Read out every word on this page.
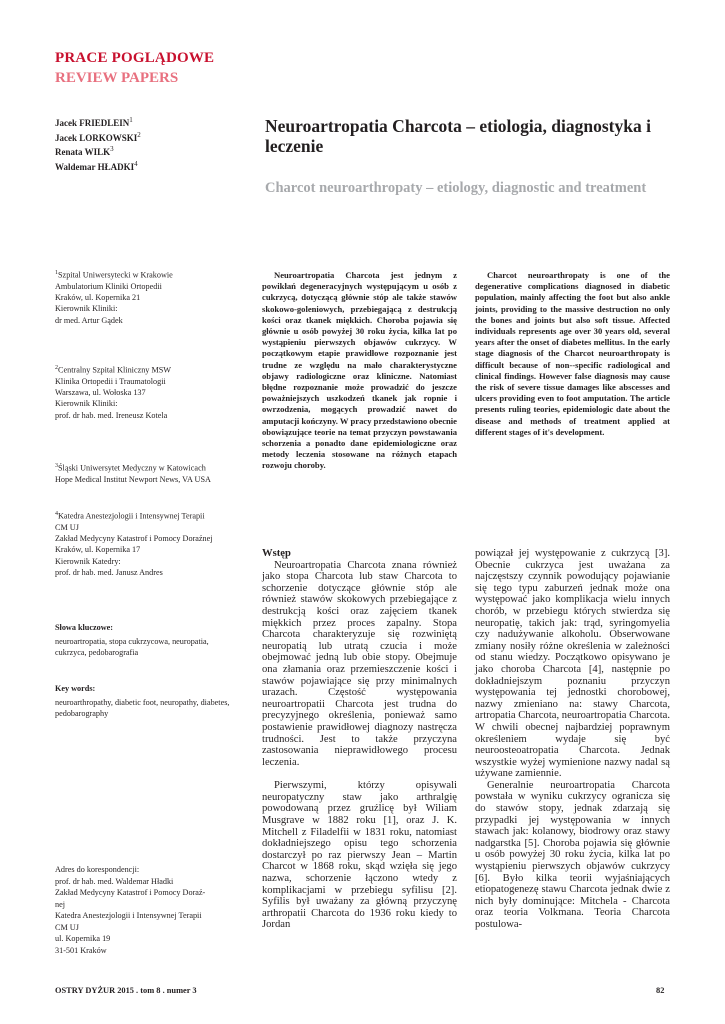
PRACE POGLĄDOWE
REVIEW PAPERS
Jacek FRIEDLEIN$^1$
Jacek LORKOWSKI$^2$
Renata WILK$^3$
Waldemar HŁADKI$^4$
Neuroartropatia Charcota – etiologia, diagnostyka i leczenie
Charcot neuroarthropaty – etiology, diagnostic and treatment
$^1$Szpital Uniwersytecki w Krakowie
Ambulatorium Kliniki Ortopedii
Kraków, ul. Kopernika 21
Kierownik Kliniki:
dr med. Artur Gądek
$^2$Centralny Szpital Kliniczny MSW
Klinika Ortopedii i Traumatologii
Warszawa, ul. Wołoska 137
Kierownik Kliniki:
prof. dr hab. med. Ireneusz Kotela
$^3$Śląski Uniwersytet Medyczny w Katowicach
Hope Medical Institut Newport News, VA USA
$^4$Katedra Anestezjologii i Intensywnej Terapii
CM UJ
Zakład Medycyny Katastrof i Pomocy Doraźnej
Kraków, ul. Kopernika 17
Kierownik Katedry:
prof. dr hab. med. Janusz Andres
Słowa kluczowe:
neuroartropatia, stopa cukrzycowa, neuropatia, cukrzyca, pedobarografia
Key words:
neuroarthropathy, diabetic foot, neuropathy, diabetes, pedobarography
Adres do korespondencji:
prof. dr hab. med. Waldemar Hładki
Zakład Medycyny Katastrof i Pomocy Doraź-
nej
Katedra Anestezjologii i Intensywnej Terapii
CM UJ
ul. Kopernika 19
31-501 Kraków
Neuroartropatia Charcota jest jednym z powikłań degeneracyjnych występującym u osób z cukrzycą, dotyczącą głównie stóp ale także stawów skokowo-goleniowych, przebiegającą z destrukcją kości oraz tkanek miękkich. Choroba pojawia się głównie u osób powyżej 30 roku życia, kilka lat po wystąpieniu pierwszych objawów cukrzycy. W początkowym etapie prawidłowe rozpoznanie jest trudne ze względu na mało charakterystyczne objawy radiologiczne oraz kliniczne. Natomiast błędne rozpoznanie może prowadzić do jeszcze poważniejszych uszkodzeń tkanek jak ropnie i owrzodzenia, mogących prowadzić nawet do amputacji kończyny. W pracy przedstawiono obecnie obowiązujące teorie na temat przyczyn powstawania schorzenia a ponadto dane epidemiologiczne oraz metody leczenia stosowane na różnych etapach rozwoju choroby.
Charcot neuroarthropaty is one of the degenerative complications diagnosed in diabetic population, mainly affecting the foot but also ankle joints, providing to the massive destruction no only the bones and joints but also soft tissue. Affected individuals represents age over 30 years old, several years after the onset of diabetes mellitus. In the early stage diagnosis of the Charcot neuroarthropaty is difficult because of non--specific radiological and clinical findings. However false diagnosis may cause the risk of severe tissue damages like abscesses and ulcers providing even to foot amputation. The article presents ruling teories, epidemiologic date about the disease and methods of treatment applied at different stages of it's development.
Wstęp

Neuroartropatia Charcota znana również jako stopa Charcota lub staw Charcota to schorzenie dotyczące głównie stóp ale również stawów skokowych przebiegające z destrukcją kości oraz zajęciem tkanek miękkich przez proces zapalny. Stopa Charcota charakteryzuje się rozwiniętą neuropatią lub utratą czucia i może obejmować jedną lub obie stopy. Obejmuje ona złamania oraz przemieszczenie kości i stawów pojawiające się przy minimalnych urazach. Częstość występowania neuroartropatii Charcota jest trudna do precyzyjnego określenia, ponieważ samo postawienie prawidłowej diagnozy nastręcza trudności. Jest to także przyczyna zastosowania nieprawidłowego procesu leczenia.

Pierwszymi, którzy opisywali neuropatyczny staw jako arthralgię powodowaną przez gruźlicę był Wiliam Musgrave w 1882 roku [1], oraz J. K. Mitchell z Filadelfii w 1831 roku, natomiast dokładniejszego opisu tego schorzenia dostarczył po raz pierwszy Jean – Martin Charcot w 1868 roku, skąd wzięła się jego nazwa, schorzenie łączono wtedy z komplikacjami w przebiegu syfilisu [2]. Syfilis był uważany za główną przyczynę arthropatii Charcota do 1936 roku kiedy to Jordan

powiązał jej występowanie z cukrzycą [3]. Obecnie cukrzyca jest uważana za najczęstszy czynnik powodujący pojawianie się tego typu zaburzeń jednak może ona występować jako komplikacja wielu innych chorób, w przebiegu których stwierdza się neuropatię, takich jak: trąd, syringomyelia czy nadużywanie alkoholu. Obserwowane zmiany nosiły różne określenia w zależności od stanu wiedzy. Początkowo opisywano je jako choroba Charcota [4], następnie po dokładniejszym poznaniu przyczyn występowania tej jednostki chorobowej, nazwy zmieniano na: stawy Charcota, artropatia Charcota, neuroartropatia Charcota. W chwili obecnej najbardziej poprawnym określeniem wydaje się być neuroosteoatropatia Charcota. Jednak wszystkie wyżej wymienione nazwy nadal są używane zamiennie.

Generalnie neuroartropatia Charcota powstała w wyniku cukrzycy ogranicza się do stawów stopy, jednak zdarzają się przypadki jej występowania w innych stawach jak: kolanowy, biodrowy oraz stawy nadgarstka [5]. Choroba pojawia się głównie u osób powyżej 30 roku życia, kilka lat po wystąpieniu pierwszych objawów cukrzycy [6]. Było kilka teorii wyjaśniających etiopatogenezę stawu Charcota jednak dwie z nich były dominujące: Mitchela - Charcota oraz teoria Volkmana. Teoria Charcota postulowa-

OSTRY DYŻUR 2015 . tom 8 . numer 3	82
